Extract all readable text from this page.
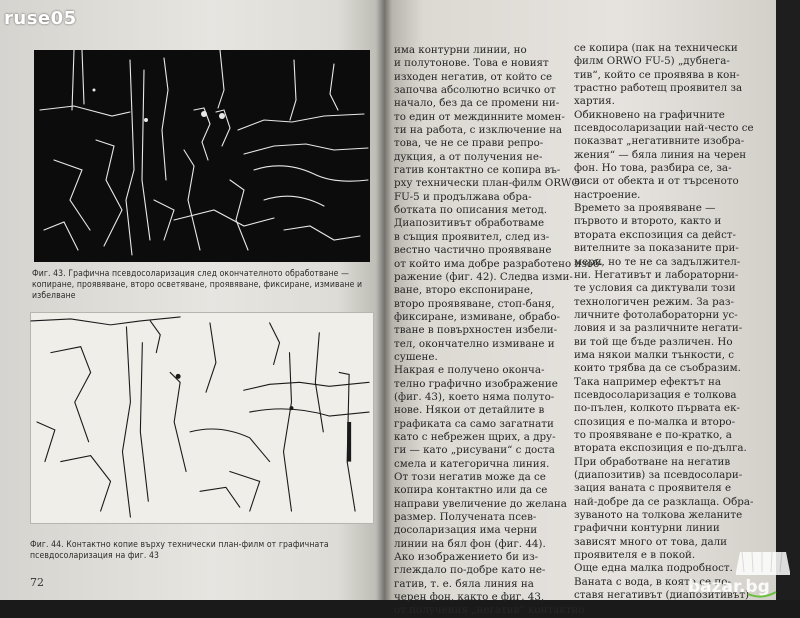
Фиг. 43. Графична псевдосоларизация след окончателното обработване — копиране, проявяване, второ осветяване, проявяване, фиксиране, измиване и избелване
Фиг. 44. Контактно копие върху технически план-филм от графичната псевдосоларизация на фиг. 43
72
има контурни линии, но
и полутонове. Това е новият
изходен негатив, от който се
започва абсолютно всичко от
начало, без да се промени ни-
то един от междинните момен-
ти на работа, с изключение на
това, че не се прави репро-
дукция, а от получения не-
гатив контактно се копира въ-
рху технически план-филм ORWO
FU-5 и продължава обра-
ботката по описания метод.
Диапозитивът обработваме
в същия проявител, след из-
вестно частично проявяване
от който има добре разработено изоб-
ражение (фиг. 42). Следва изми-
ване, второ експониране,
второ проявяване, стоп-баня,
фиксиране, измиване, обрабо-
тване в повърхностен избели-
тел, окончателно измиване и
сушене.
Накрая е получено оконча-
телно графично изображение
(фиг. 43), което няма полуто-
нове. Някои от детайлите в
графиката са само загатнати
като с небрежен щрих, а дру-
ги — като „рисувани“ с доста
смела и категорична линия.
От този негатив може да се
копира контактно или да се
направи увеличение до желана
размер. Получената псев-
досоларизация има черни
линии на бял фон (фиг. 44).
Ако изображението би из-
глеждало по-добре като не-
гатив, т. е. бяла линия на
черен фон, както е фиг. 43,
от получения „негатив“ контактно
се копира (пак на технически
филм ORWO FU-5) „дубнега-
тив“, който се проявява в кон-
трастно работещ проявител за
хартия.
Обикновено на графичните
псевдосоларизации най-често се
показват „негативните изобра-
жения“ — бяла линия на черен
фон. Но това, разбира се, за-
виси от обекта и от търсеното
настроение.
Времето за проявяване —
първото и второто, както и
втората експозиция са дейст-
вителните за показаните при-
мери, но те не са задължител-
ни. Негативът и лабораторни-
те условия са диктували този
технологичен режим. За раз-
личните фотолабораторни ус-
ловия и за различните негати-
ви той ще бъде различен. Но
има някои малки тънкости, с
които трябва да се съобразим.
Така например ефектът на
псевдосоларизация е толкова
по-пълен, колкото първата ек-
спозиция е по-малка и второ-
то проявяване е по-кратко, а
втората експозиция е по-дълга.
При обработване на негатив
(диапозитив) за псевдосолари-
зация ваната с проявителя е
най-добре да се разклаща. Обра-
зуваното на толкова желаните
графични контурни линии
зависят много от това, дали
проявителя е в покой.
Още една малка подробност.
Ваната с вода, в която се по-
ставя негативът (диапозитивът)
ruse05
bazar.bg
